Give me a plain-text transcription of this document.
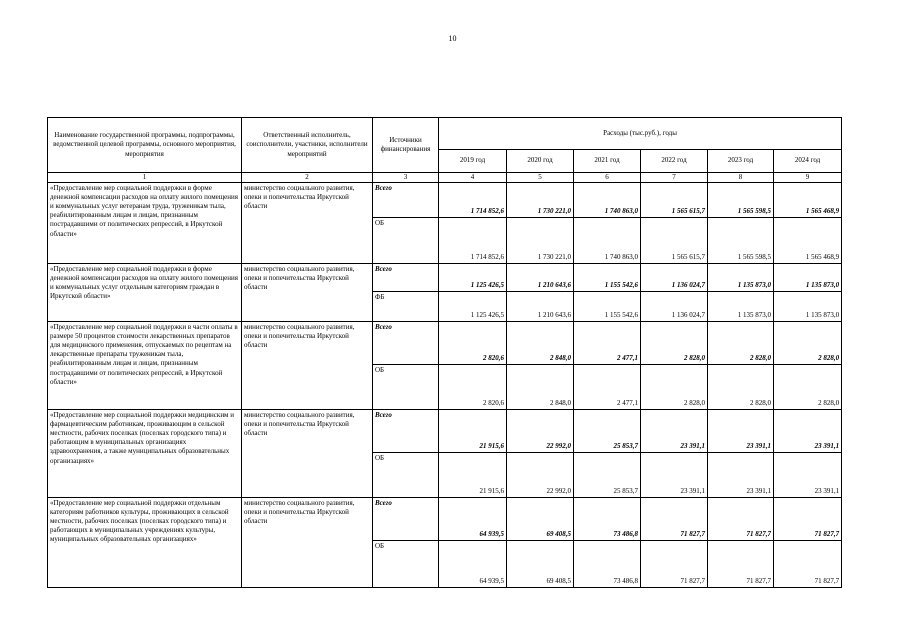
10
Наименование государственной программы, подпрограммы, ведомственной целевой программы, основного мероприятия, мероприятия	Ответственный исполнитель, соисполнители, участники, исполнители мероприятий	Источники финансирования	Расходы (тыс.руб.), годы					
			2019 год	2020 год	2021 год	2022 год	2023 год	2024 год
1	2	3	4	5	6	7	8	9
«Предоставление мер социальной поддержки в форме денежной компенсации расходов на оплату жилого помещения и коммунальных услуг ветеранам труда, труженикам тыла, реабилитированным лицам и лицам, признанным пострадавшими от политических репрессий, в Иркутской области»	министерство социального развития, опеки и попечительства Иркутской области	Всего	1 714 852,6	1 730 221,0	1 740 863,0	1 565 615,7	1 565 598,5	1 565 468,9
		ОБ	1 714 852,6	1 730 221,0	1 740 863,0	1 565 615,7	1 565 598,5	1 565 468,9
«Предоставление мер социальной поддержки в форме денежной компенсации расходов на оплату жилого помещения и коммунальных услуг отдельным категориям граждан в Иркутской области»	министерство социального развития, опеки и попечительства Иркутской области	Всего	1 125 426,5	1 210 643,6	1 155 542,6	1 136 024,7	1 135 873,0	1 135 873,0
		ФБ	1 125 426,5	1 210 643,6	1 155 542,6	1 136 024,7	1 135 873,0	1 135 873,0
«Предоставление мер социальной поддержки в части оплаты в размере 50 процентов стоимости лекарственных препаратов для медицинского применения, отпускаемых по рецептам на лекарственные препараты труженикам тыла, реабилитированным лицам и лицам, признанным пострадавшими от политических репрессий, в Иркутской области»	министерство социального развития, опеки и попечительства Иркутской области	Всего	2 820,6	2 848,0	2 477,1	2 828,0	2 828,0	2 828,0
		ОБ	2 820,6	2 848,0	2 477,1	2 828,0	2 828,0	2 828,0
«Предоставление мер социальной поддержки медицинским и фармацевтическим работникам, проживающим в сельской местности, рабочих поселках (поселках городского типа) и работающим в муниципальных организациях здравоохранения, а также муниципальных образовательных организациях»	министерство социального развития, опеки и попечительства Иркутской области	Всего	21 915,6	22 992,0	25 853,7	23 391,1	23 391,1	23 391,1
		ОБ	21 915,6	22 992,0	25 853,7	23 391,1	23 391,1	23 391,1
«Предоставление мер социальной поддержки отдельным категориям работников культуры, проживающих в сельской местности, рабочих поселках (поселках городского типа) и работающих в муниципальных учреждениях культуры, муниципальных образовательных организациях»	министерство социального развития, опеки и попечительства Иркутской области	Всего	64 939,5	69 408,5	73 486,8	71 827,7	71 827,7	71 827,7
		ОБ	64 939,5	69 408,5	73 486,8	71 827,7	71 827,7	71 827,7
